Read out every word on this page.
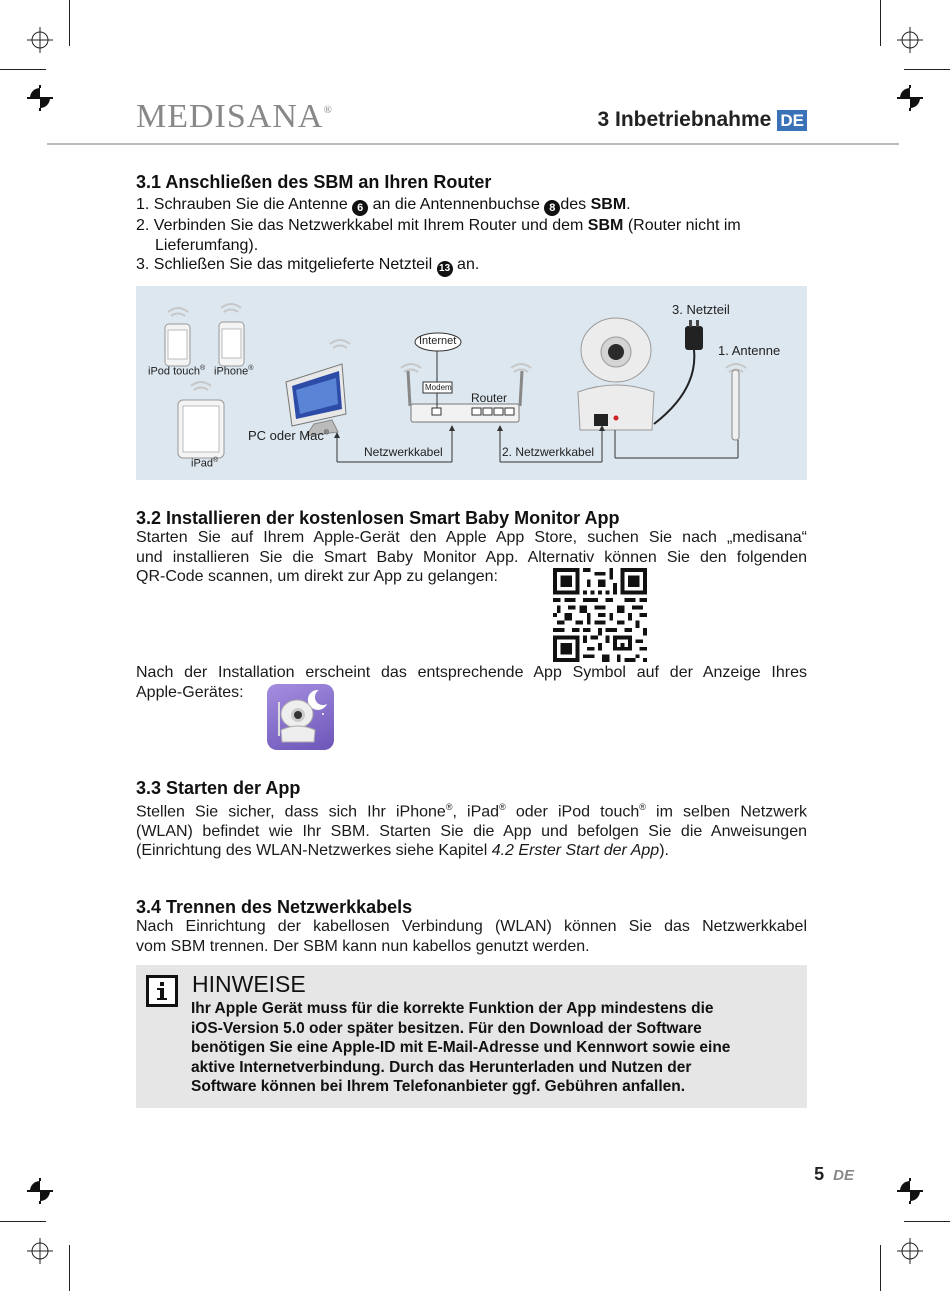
MEDISANA®	3 Inbetriebnahme DE
3.1 Anschließen des SBM an Ihren Router
1. Schrauben Sie die Antenne 6 an die Antennenbuchse 8 des SBM.
2. Verbinden Sie das Netzwerkkabel mit Ihrem Router und dem SBM (Router nicht im
Lieferumfang).
3. Schließen Sie das mitgelieferte Netzteil 13 an.
iPod touch® iPhone®
iPad®
PC oder Mac®
Internet
Modem
Router
Netzwerkkabel	2. Netzwerkkabel
3. Netzteil
1. Antenne
3.2 Installieren der kostenlosen Smart Baby Monitor App

Starten Sie auf Ihrem Apple-Gerät den Apple App Store, suchen Sie nach „medisana“

und installieren Sie die Smart Baby Monitor App. Alternativ können Sie den folgenden

QR-Code scannen, um direkt zur App zu gelangen:

Nach der Installation erscheint das entsprechende App Symbol auf der Anzeige Ihres

Apple-Gerätes:

3.3 Starten der App

Stellen Sie sicher, dass sich Ihr iPhone®, iPad® oder iPod touch® im selben Netzwerk

(WLAN) befindet wie Ihr SBM. Starten Sie die App und befolgen Sie die Anweisungen

(Einrichtung des WLAN-Netzwerkes siehe Kapitel 4.2 Erster Start der App).

3.4 Trennen des Netzwerkkabels

Nach Einrichtung der kabellosen Verbindung (WLAN) können Sie das Netzwerkkabel

vom SBM trennen. Der SBM kann nun kabellos genutzt werden.

HINWEISE
Ihr Apple Gerät muss für die korrekte Funktion der App mindestens die
iOS-Version 5.0 oder später besitzen. Für den Download der Software
benötigen Sie eine Apple-ID mit E-Mail-Adresse und Kennwort sowie eine
aktive Internetverbindung. Durch das Herunterladen und Nutzen der
Software können bei Ihrem Telefonanbieter ggf. Gebühren anfallen.
5 DE
